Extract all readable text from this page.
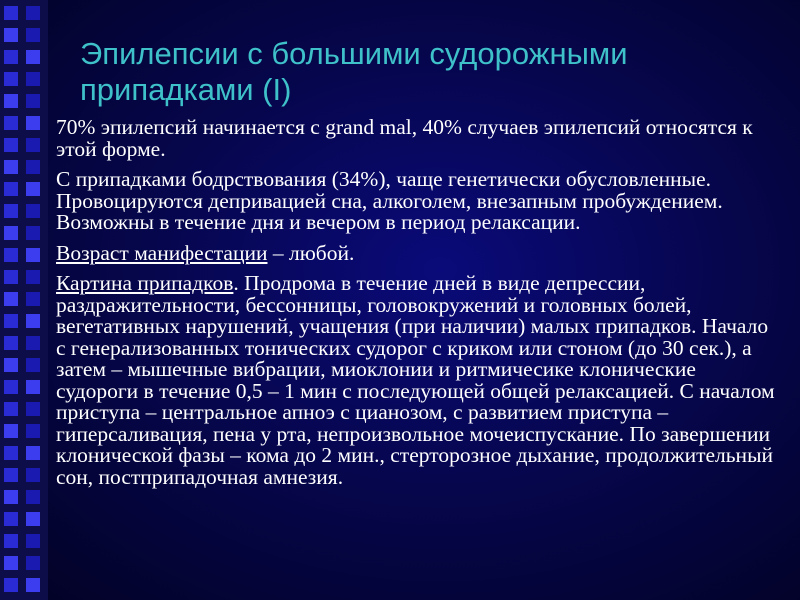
Эпилепсии с большими судорожными припадками (I)

70% эпилепсий начинается с grand mal, 40% случаев эпилепсий относятся к этой форме.

С припадками бодрствования (34%), чаще генетически обусловленные. Провоцируются депривацией сна, алкоголем, внезапным пробуждением. Возможны в течение дня и вечером в период релаксации.

Возраст манифестации – любой.

Картина припадков. Продрома в течение дней в виде депрессии, раздражительности, бессонницы, головокружений и головных болей, вегетативных нарушений, учащения (при наличии) малых припадков. Начало с генерализованных тонических судорог с криком или стоном (до 30 сек.), а затем – мышечные вибрации, миоклонии и ритмичесике клонические судороги в течение 0,5 – 1 мин с последующей общей релаксацией. С началом приступа – центральное апноэ с цианозом, с развитием приступа – гиперсаливация, пена у рта, непроизвольное мочеиспускание. По завершении клонической фазы – кома до 2 мин., стерторозное дыхание, продолжительный сон, постприпадочная амнезия.
